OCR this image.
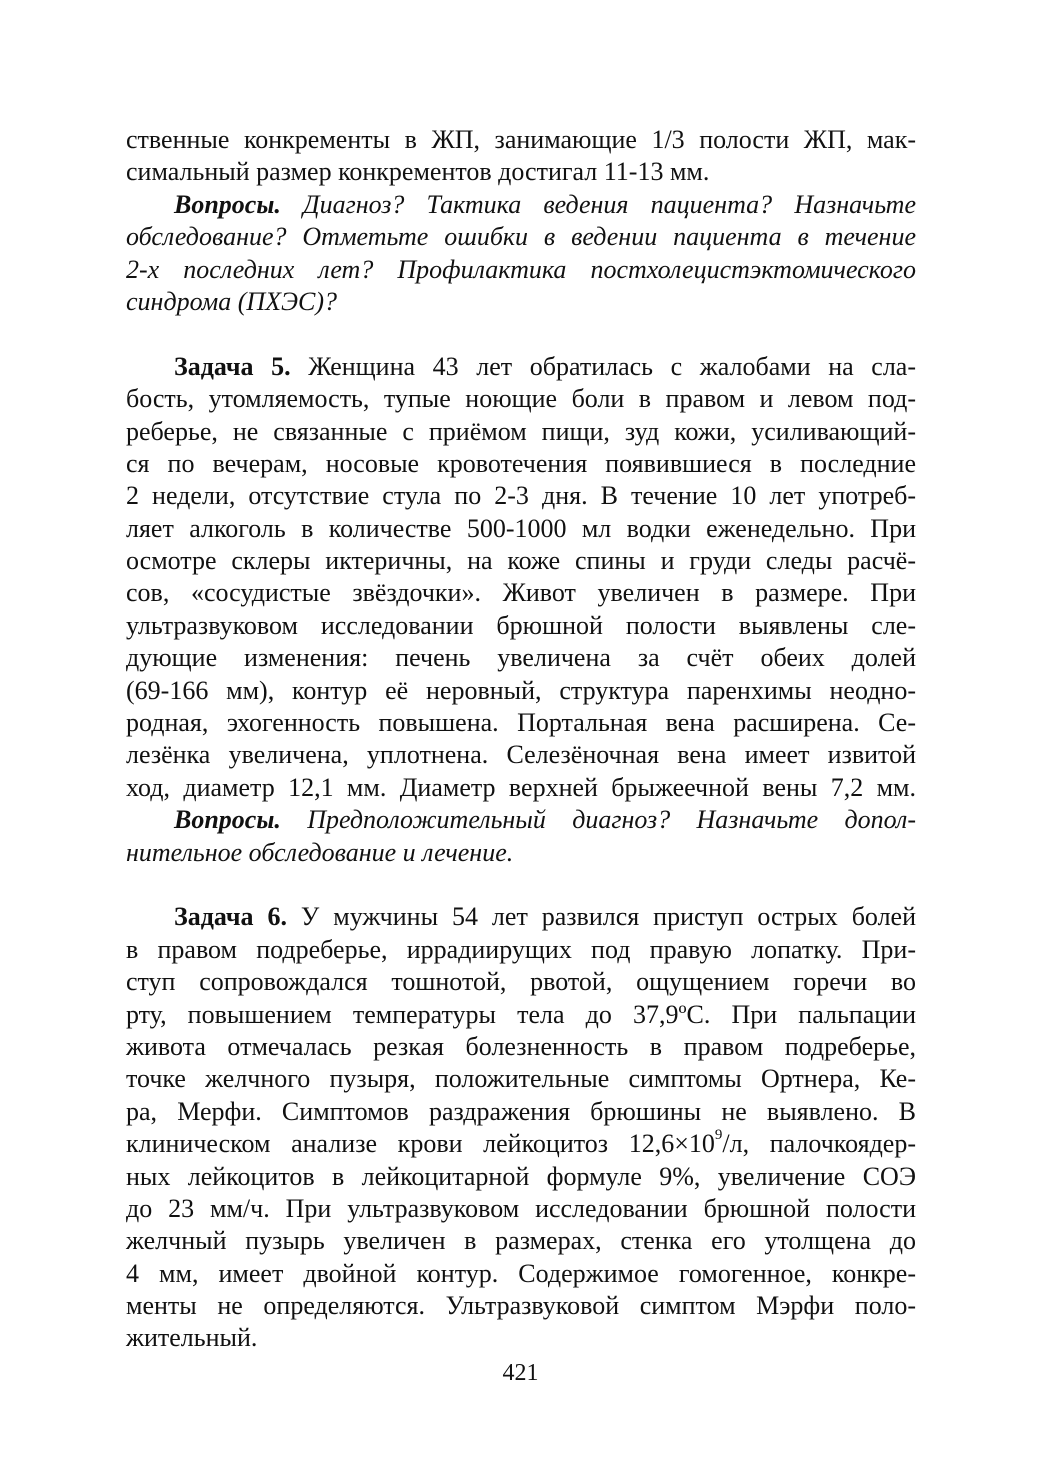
ственные конкременты в ЖП, занимающие 1/3 полости ЖП, мак-
симальный размер конкрементов достигал 11-13 мм.
Вопросы. Диагноз? Тактика ведения пациента? Назначьте
обследование? Отметьте ошибки в ведении пациента в течение
2-х последних лет? Профилактика постхолецистэктомического
синдрома (ПХЭС)?
Задача 5. Женщина 43 лет обратилась с жалобами на сла-
бость, утомляемость, тупые ноющие боли в правом и левом под-
реберье, не связанные с приёмом пищи, зуд кожи, усиливающий-
ся по вечерам, носовые кровотечения появившиеся в последние
2 недели, отсутствие стула по 2-3 дня. В течение 10 лет употреб-
ляет алкоголь в количестве 500-1000 мл водки еженедельно. При
осмотре склеры иктеричны, на коже спины и груди следы расчё-
сов, «сосудистые звёздочки». Живот увеличен в размере. При
ультразвуковом исследовании брюшной полости выявлены сле-
дующие изменения: печень увеличена за счёт обеих долей
(69-166 мм), контур её неровный, структура паренхимы неодно-
родная, эхогенность повышена. Портальная вена расширена. Се-
лезёнка увеличена, уплотнена. Селезёночная вена имеет извитой
ход, диаметр 12,1 мм. Диаметр верхней брыжеечной вены 7,2 мм.
Вопросы. Предположительный диагноз? Назначьте допол-
нительное обследование и лечение.
Задача 6. У мужчины 54 лет развился приступ острых болей
в правом подреберье, иррадиирущих под правую лопатку. При-
ступ сопровождался тошнотой, рвотой, ощущением горечи во
рту, повышением температуры тела до 37,9ºС. При пальпации
живота отмечалась резкая болезненность в правом подреберье,
точке желчного пузыря, положительные симптомы Ортнера, Ке-
ра, Мерфи. Симптомов раздражения брюшины не выявлено. В
клиническом анализе крови лейкоцитоз $12,6\times 10^9/л$, палочкоядер-
ных лейкоцитов в лейкоцитарной формуле 9%, увеличение СОЭ
до 23 мм/ч. При ультразвуковом исследовании брюшной полости
желчный пузырь увеличен в размерах, стенка его утолщена до
4 мм, имеет двойной контур. Содержимое гомогенное, конкре-
менты не определяются. Ультразвуковой симптом Мэрфи поло-
жительный.
421
